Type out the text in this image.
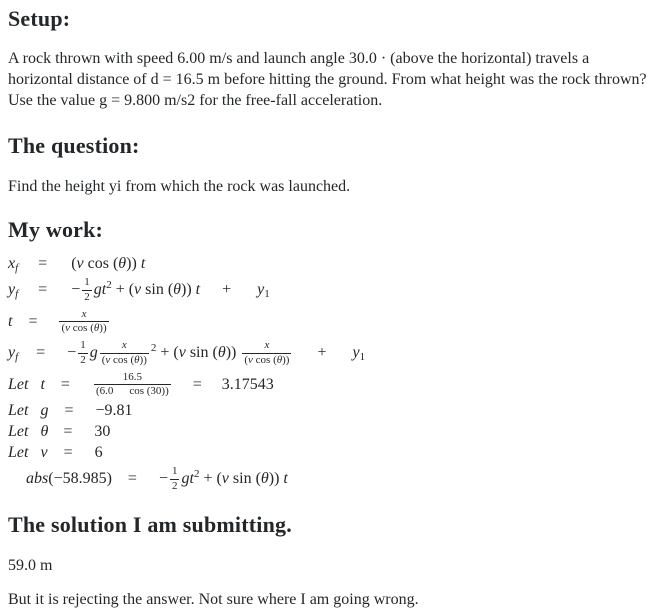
Setup:

A rock thrown with speed 6.00 m/s and launch angle 30.0 · (above the horizontal) travels a horizontal distance of d = 16.5 m before hitting the ground. From what height was the rock thrown? Use the value g = 9.800 m/s2 for the free-fall acceleration.

The question:

Find the height yi from which the rock was launched.

My work:
$x_f = (v$ cos (θ)) t
$y_f$ = − $\frac{1}{2} gt^2 + (v$ sin (θ)) $t + y_1$
$t = \frac{x}{\text{(v cos (θ))}}$
$y_f$ = − $\frac{1}{2}$ g $\frac{x}{\text{(v cos (θ))}} ^2 + (v$ $\sin (\theta)) \frac{x}{\text{(v cos (θ))}} + y_1$
Let $t = \frac{16.5}{(6.0 \cos (30))} = 3.17543$
Let g = −9.81
Let θ = 30
Let v = 6
abs(−58.985) = − $\frac{1}{2} gt^2 + (v$ sin (θ)) t
The solution I am submitting.

59.0 m

But it is rejecting the answer. Not sure where I am going wrong.
